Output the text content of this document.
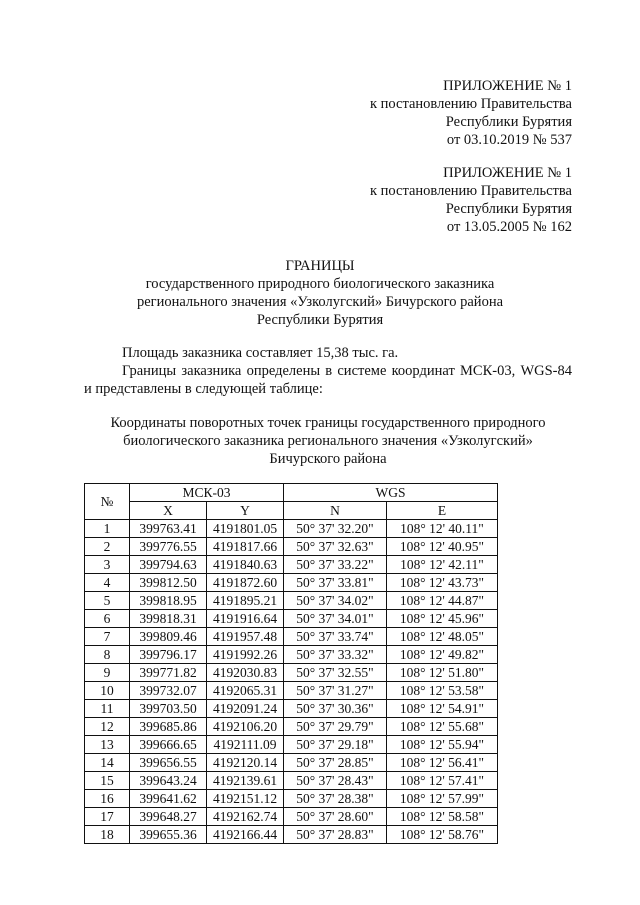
ПРИЛОЖЕНИЕ № 1
к постановлению Правительства
Республики Бурятия
от 03.10.2019 № 537
ПРИЛОЖЕНИЕ № 1
к постановлению Правительства
Республики Бурятия
от 13.05.2005 № 162
ГРАНИЦЫ
государственного природного биологического заказника
регионального значения «Узколугский» Бичурского района
Республики Бурятия
Площадь заказника составляет 15,38 тыс. га.
Границы заказника определены в системе координат МСК-03, WGS-84 и представлены в следующей таблице:
Координаты поворотных точек границы государственного природного
биологического заказника регионального значения «Узколугский»
Бичурского района
№	МСК-03		WGS	
	X	Y	N	E
1	399763.41	4191801.05	50° 37' 32.20"	108° 12' 40.11"
2	399776.55	4191817.66	50° 37' 32.63"	108° 12' 40.95"
3	399794.63	4191840.63	50° 37' 33.22"	108° 12' 42.11"
4	399812.50	4191872.60	50° 37' 33.81"	108° 12' 43.73"
5	399818.95	4191895.21	50° 37' 34.02"	108° 12' 44.87"
6	399818.31	4191916.64	50° 37' 34.01"	108° 12' 45.96"
7	399809.46	4191957.48	50° 37' 33.74"	108° 12' 48.05"
8	399796.17	4191992.26	50° 37' 33.32"	108° 12' 49.82"
9	399771.82	4192030.83	50° 37' 32.55"	108° 12' 51.80"
10	399732.07	4192065.31	50° 37' 31.27"	108° 12' 53.58"
11	399703.50	4192091.24	50° 37' 30.36"	108° 12' 54.91"
12	399685.86	4192106.20	50° 37' 29.79"	108° 12' 55.68"
13	399666.65	4192111.09	50° 37' 29.18"	108° 12' 55.94"
14	399656.55	4192120.14	50° 37' 28.85"	108° 12' 56.41"
15	399643.24	4192139.61	50° 37' 28.43"	108° 12' 57.41"
16	399641.62	4192151.12	50° 37' 28.38"	108° 12' 57.99"
17	399648.27	4192162.74	50° 37' 28.60"	108° 12' 58.58"
18	399655.36	4192166.44	50° 37' 28.83"	108° 12' 58.76"
